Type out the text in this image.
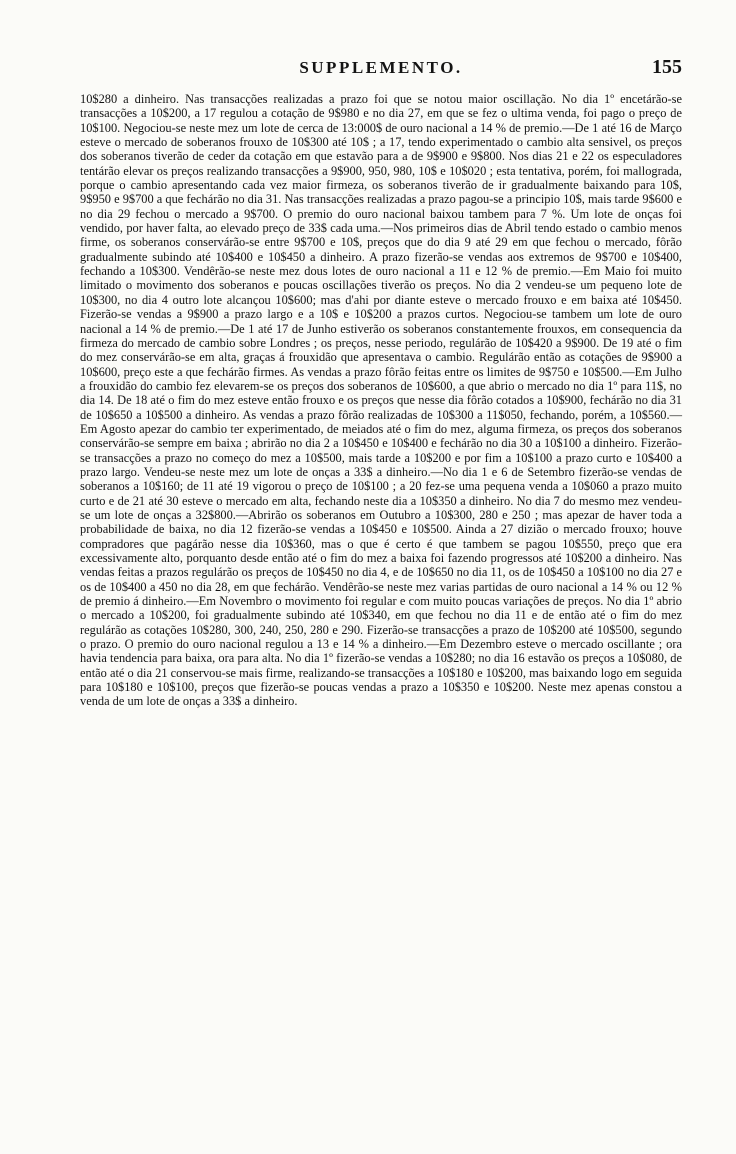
SUPPLEMENTO.	155

10$280 a dinheiro. Nas transacções realizadas a prazo foi que se notou maior oscillação. No dia 1º encetárão-se transacções a 10$200, a 17 regulou a cotação de 9$980 e no dia 27, em que se fez o ultima venda, foi pago o preço de 10$100. Negociou-se neste mez um lote de cerca de 13:000$ de ouro nacional a 14 % de premio.—De 1 até 16 de Março esteve o mercado de soberanos frouxo de 10$300 até 10$ ; a 17, tendo experimentado o cambio alta sensivel, os preços dos soberanos tiverão de ceder da cotação em que estavão para a de 9$900 e 9$800. Nos dias 21 e 22 os especuladores tentárão elevar os preços realizando transacções a 9$900, 950, 980, 10$ e 10$020 ; esta tentativa, porém, foi mallograda, porque o cambio apresentando cada vez maior firmeza, os soberanos tiverão de ir gradualmente baixando para 10$, 9$950 e 9$700 a que fechárão no dia 31. Nas transacções realizadas a prazo pagou-se a principio 10$, mais tarde 9$600 e no dia 29 fechou o mercado a 9$700. O premio do ouro nacional baixou tambem para 7 %. Um lote de onças foi vendido, por haver falta, ao elevado preço de 33$ cada uma.—Nos primeiros dias de Abril tendo estado o cambio menos firme, os soberanos conservárão-se entre 9$700 e 10$, preços que do dia 9 até 29 em que fechou o mercado, fôrão gradualmente subindo até 10$400 e 10$450 a dinheiro. A prazo fizerão-se vendas aos extremos de 9$700 e 10$400, fechando a 10$300. Vendêrão-se neste mez dous lotes de ouro nacional a 11 e 12 % de premio.—Em Maio foi muito limitado o movimento dos soberanos e poucas oscillações tiverão os preços. No dia 2 vendeu-se um pequeno lote de 10$300, no dia 4 outro lote alcançou 10$600; mas d'ahi por diante esteve o mercado frouxo e em baixa até 10$450. Fizerão-se vendas a 9$900 a prazo largo e a 10$ e 10$200 a prazos curtos. Negociou-se tambem um lote de ouro nacional a 14 % de premio.—De 1 até 17 de Junho estiverão os soberanos constantemente frouxos, em consequencia da firmeza do mercado de cambio sobre Londres ; os preços, nesse periodo, regulárão de 10$420 a 9$900. De 19 até o fim do mez conservárão-se em alta, graças á frouxidão que apresentava o cambio. Regulárão então as cotações de 9$900 a 10$600, preço este a que fechárão firmes. As vendas a prazo fôrão feitas entre os limites de 9$750 e 10$500.—Em Julho a frouxidão do cambio fez elevarem-se os preços dos soberanos de 10$600, a que abrio o mercado no dia 1º para 11$, no dia 14. De 18 até o fim do mez esteve então frouxo e os preços que nesse dia fôrão cotados a 10$900, fechárão no dia 31 de 10$650 a 10$500 a dinheiro. As vendas a prazo fôrão realizadas de 10$300 a 11$050, fechando, porém, a 10$560.—Em Agosto apezar do cambio ter experimentado, de meiados até o fim do mez, alguma firmeza, os preços dos soberanos conservárão-se sempre em baixa ; abrirão no dia 2 a 10$450 e 10$400 e fechárão no dia 30 a 10$100 a dinheiro. Fizerão-se transacções a prazo no começo do mez a 10$500, mais tarde a 10$200 e por fim a 10$100 a prazo curto e 10$400 a prazo largo. Vendeu-se neste mez um lote de onças a 33$ a dinheiro.—No dia 1 e 6 de Setembro fizerão-se vendas de soberanos a 10$160; de 11 até 19 vigorou o preço de 10$100 ; a 20 fez-se uma pequena venda a 10$060 a prazo muito curto e de 21 até 30 esteve o mercado em alta, fechando neste dia a 10$350 a dinheiro. No dia 7 do mesmo mez vendeu-se um lote de onças a 32$800.—Abrirão os soberanos em Outubro a 10$300, 280 e 250 ; mas apezar de haver toda a probabilidade de baixa, no dia 12 fizerão-se vendas a 10$450 e 10$500. Ainda a 27 dizião o mercado frouxo; houve compradores que pagárão nesse dia 10$360, mas o que é certo é que tambem se pagou 10$550, preço que era excessivamente alto, porquanto desde então até o fim do mez a baixa foi fazendo progressos até 10$200 a dinheiro. Nas vendas feitas a prazos regulárão os preços de 10$450 no dia 4, e de 10$650 no dia 11, os de 10$450 a 10$100 no dia 27 e os de 10$400 a 450 no dia 28, em que fechárão. Vendêrão-se neste mez varias partidas de ouro nacional a 14 % ou 12 % de premio á dinheiro.—Em Novembro o movimento foi regular e com muito poucas variações de preços. No dia 1º abrio o mercado a 10$200, foi gradualmente subindo até 10$340, em que fechou no dia 11 e de então até o fim do mez regulárão as cotações 10$280, 300, 240, 250, 280 e 290. Fizerão-se transacções a prazo de 10$200 até 10$500, segundo o prazo. O premio do ouro nacional regulou a 13 e 14 % a dinheiro.—Em Dezembro esteve o mercado oscillante ; ora havia tendencia para baixa, ora para alta. No dia 1º fizerão-se vendas a 10$280; no dia 16 estavão os preços a 10$080, de então até o dia 21 conservou-se mais firme, realizando-se transacções a 10$180 e 10$200, mas baixando logo em seguida para 10$180 e 10$100, preços que fizerão-se poucas vendas a prazo a 10$350 e 10$200. Neste mez apenas constou a venda de um lote de onças a 33$ a dinheiro.
